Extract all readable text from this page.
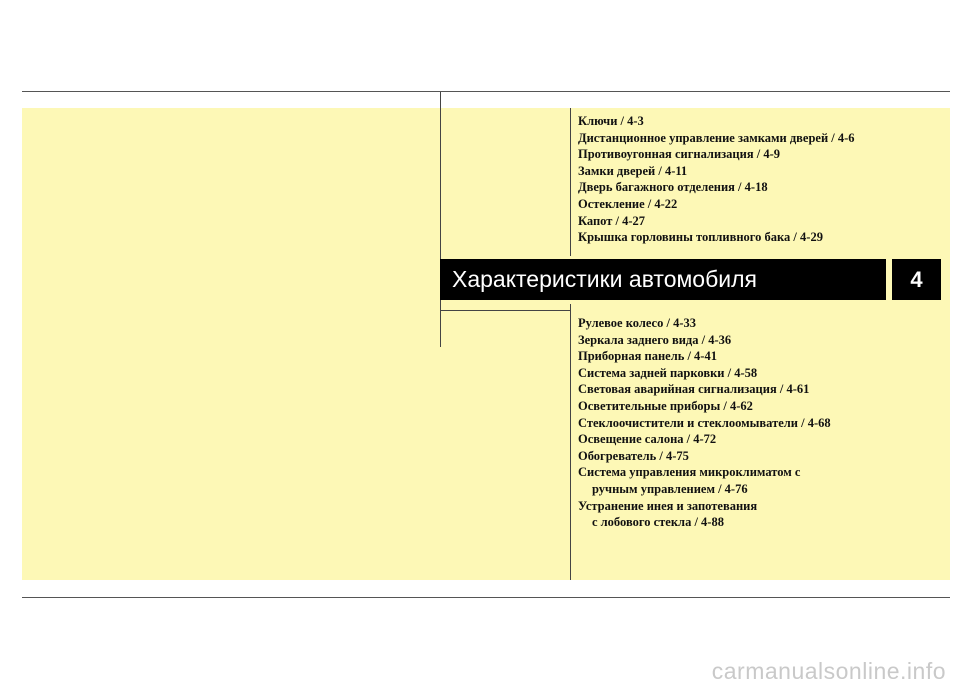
Ключи / 4-3
Дистанционное управление замками дверей / 4-6
Противоугонная сигнализация / 4-9
Замки дверей / 4-11
Дверь багажного отделения / 4-18
Остекление / 4-22
Капот / 4-27
Крышка горловины топливного бака / 4-29
Характеристики автомобиля	4
Рулевое колесо / 4-33
Зеркала заднего вида / 4-36
Приборная панель / 4-41
Система задней парковки / 4-58
Световая аварийная сигнализация / 4-61
Осветительные приборы / 4-62
Стеклоочистители и стеклоомыватели / 4-68
Освещение салона / 4-72
Обогреватель / 4-75
Система управления микроклиматом с
ручным управлением / 4-76
Устранение инея и запотевания
с лобового стекла / 4-88
carmanualsonline.info
